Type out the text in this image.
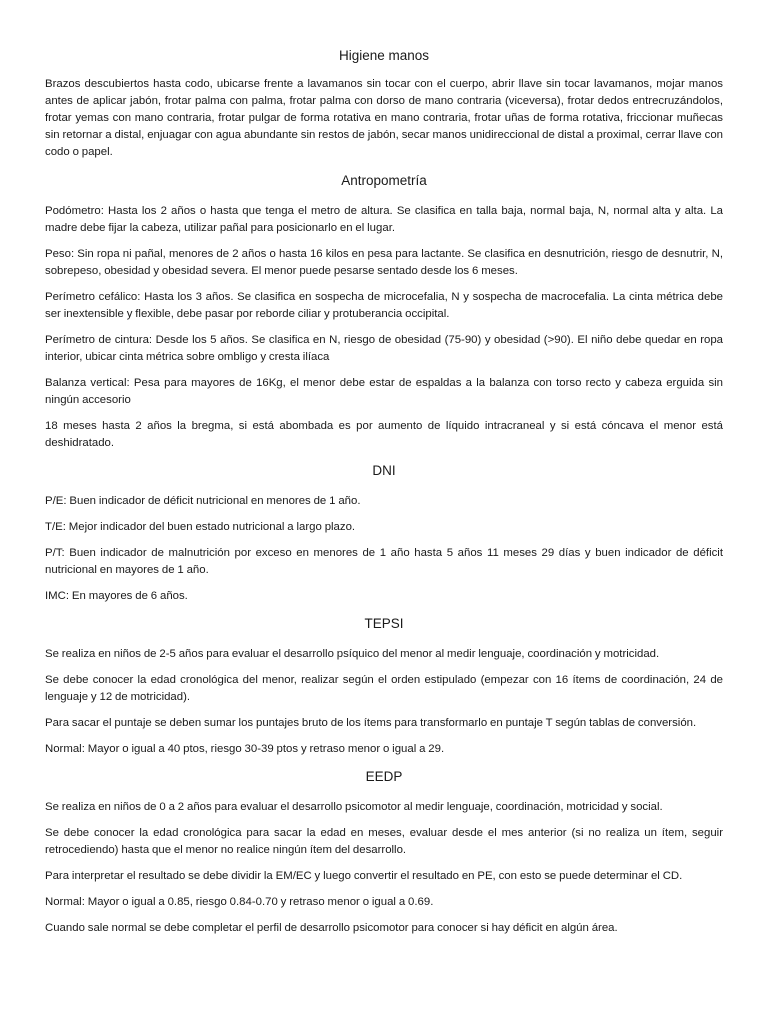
Higiene manos

Brazos descubiertos hasta codo, ubicarse frente a lavamanos sin tocar con el cuerpo, abrir llave sin tocar lavamanos, mojar manos antes de aplicar jabón, frotar palma con palma, frotar palma con dorso de mano contraria (viceversa), frotar dedos entrecruzándolos, frotar yemas con mano contraria, frotar pulgar de forma rotativa en mano contraria, frotar uñas de forma rotativa, friccionar muñecas sin retornar a distal, enjuagar con agua abundante sin restos de jabón, secar manos unidireccional de distal a proximal, cerrar llave con codo o papel.

Antropometría

Podómetro: Hasta los 2 años o hasta que tenga el metro de altura. Se clasifica en talla baja, normal baja, N, normal alta y alta. La madre debe fijar la cabeza, utilizar pañal para posicionarlo en el lugar.

Peso: Sin ropa ni pañal, menores de 2 años o hasta 16 kilos en pesa para lactante. Se clasifica en desnutrición, riesgo de desnutrir, N, sobrepeso, obesidad y obesidad severa. El menor puede pesarse sentado desde los 6 meses.

Perímetro cefálico: Hasta los 3 años. Se clasifica en sospecha de microcefalia, N y sospecha de macrocefalia. La cinta métrica debe ser inextensible y flexible, debe pasar por reborde ciliar y protuberancia occipital.

Perímetro de cintura: Desde los 5 años. Se clasifica en N, riesgo de obesidad (75-90) y obesidad (>90). El niño debe quedar en ropa interior, ubicar cinta métrica sobre ombligo y cresta ilíaca

Balanza vertical: Pesa para mayores de 16Kg, el menor debe estar de espaldas a la balanza con torso recto y cabeza erguida sin ningún accesorio

18 meses hasta 2 años la bregma, si está abombada es por aumento de líquido intracraneal y si está cóncava el menor está deshidratado.

DNI

P/E: Buen indicador de déficit nutricional en menores de 1 año.

T/E: Mejor indicador del buen estado nutricional a largo plazo.

P/T: Buen indicador de malnutrición por exceso en menores de 1 año hasta 5 años 11 meses 29 días y buen indicador de déficit nutricional en mayores de 1 año.

IMC: En mayores de 6 años.

TEPSI

Se realiza en niños de 2-5 años para evaluar el desarrollo psíquico del menor al medir lenguaje, coordinación y motricidad.

Se debe conocer la edad cronológica del menor, realizar según el orden estipulado (empezar con 16 ítems de coordinación, 24 de lenguaje y 12 de motricidad).

Para sacar el puntaje se deben sumar los puntajes bruto de los ítems para transformarlo en puntaje T según tablas de conversión.

Normal: Mayor o igual a 40 ptos, riesgo 30-39 ptos y retraso menor o igual a 29.

EEDP

Se realiza en niños de 0 a 2 años para evaluar el desarrollo psicomotor al medir lenguaje, coordinación, motricidad y social.

Se debe conocer la edad cronológica para sacar la edad en meses, evaluar desde el mes anterior (si no realiza un ítem, seguir retrocediendo) hasta que el menor no realice ningún ítem del desarrollo.

Para interpretar el resultado se debe dividir la EM/EC y luego convertir el resultado en PE, con esto se puede determinar el CD.

Normal: Mayor o igual a 0.85, riesgo 0.84-0.70 y retraso menor o igual a 0.69.

Cuando sale normal se debe completar el perfil de desarrollo psicomotor para conocer si hay déficit en algún área.
